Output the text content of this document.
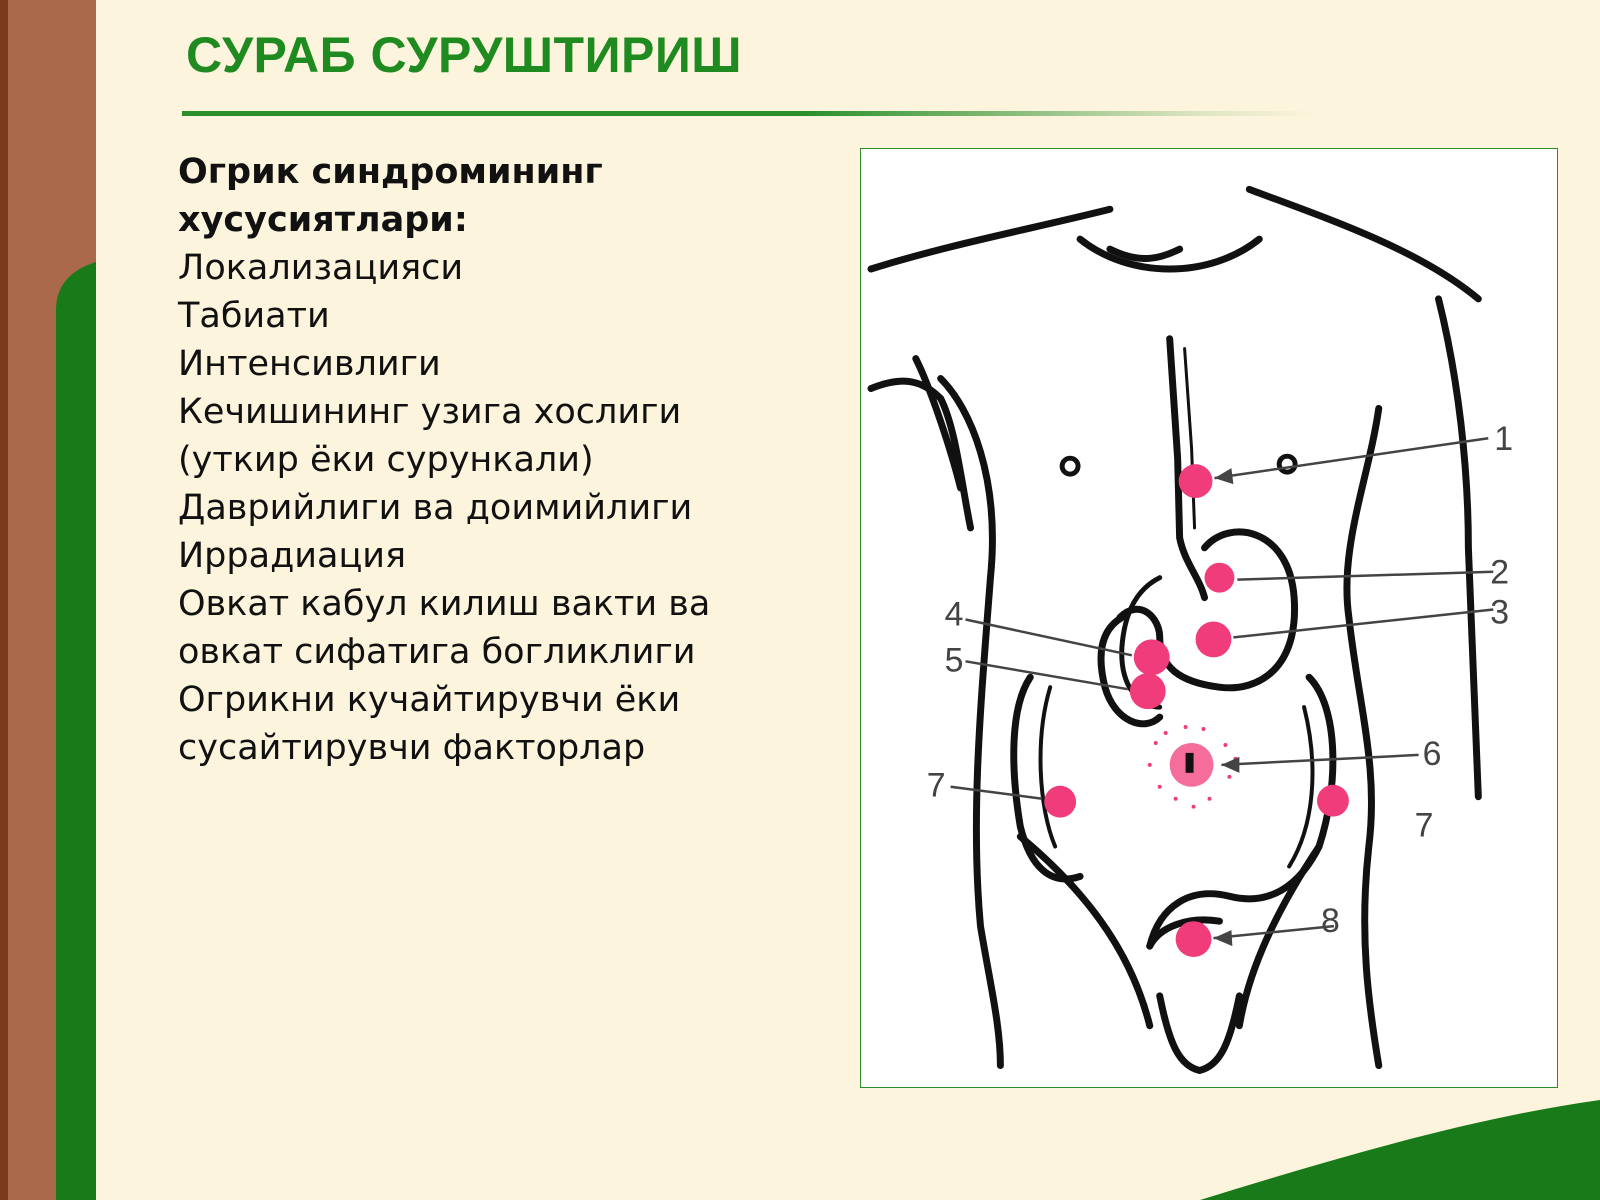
СУРАБ СУРУШТИРИШ
Огрик синдромининг
хусусиятлари:
Локализацияси
Табиати
Интенсивлиги
Кечишининг узига хослиги
(уткир ёки сурункали)
Даврийлиги ва доимийлиги
Иррадиация
Овкат кабул килиш вакти ва
овкат сифатига богликлиги
Огрикни кучайтирувчи ёки
сусайтирувчи факторлар
1
2
3
4
5
6
7
7
8
